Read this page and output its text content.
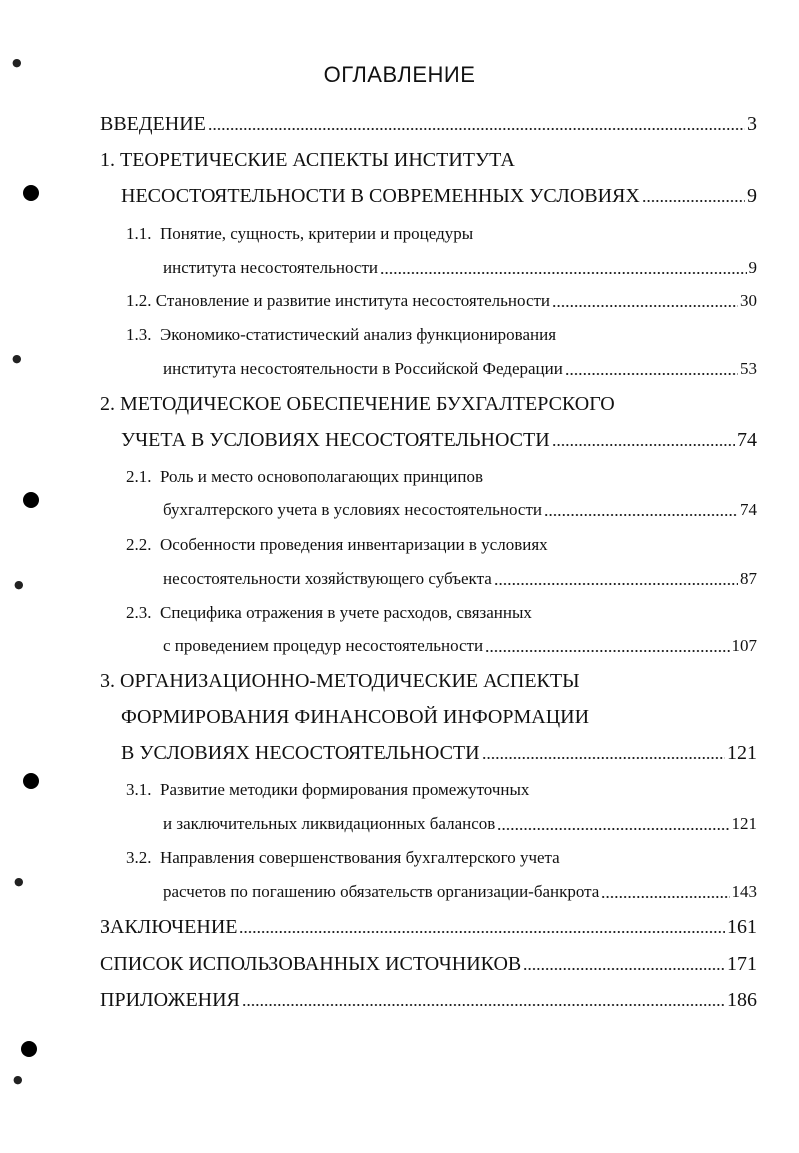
●
●
●
●
●
ОГЛАВЛЕНИЕ
ВВЕДЕНИЕ	3
1. ТЕОРЕТИЧЕСКИЕ АСПЕКТЫ ИНСТИТУТА
НЕСОСТОЯТЕЛЬНОСТИ В СОВРЕМЕННЫХ УСЛОВИЯХ	9
1.1. Понятие, сущность, критерии и процедуры
института несостоятельности	9
1.2.
Становление и развитие института несостоятельности	30
1.3. Экономико-статистический анализ функционирования
института несостоятельности в Российской Федерации	53
2. МЕТОДИЧЕСКОЕ ОБЕСПЕЧЕНИЕ БУХГАЛТЕРСКОГО
УЧЕТА В УСЛОВИЯХ НЕСОСТОЯТЕЛЬНОСТИ	74
2.1. Роль и место основополагающих принципов
бухгалтерского учета в условиях несостоятельности	74
2.2. Особенности проведения инвентаризации в условиях
несостоятельности хозяйствующего субъекта	87
2.3. Специфика отражения в учете расходов, связанных
с проведением процедур несостоятельности	107
3. ОРГАНИЗАЦИОННО-МЕТОДИЧЕСКИЕ АСПЕКТЫ
ФОРМИРОВАНИЯ ФИНАНСОВОЙ ИНФОРМАЦИИ
В УСЛОВИЯХ НЕСОСТОЯТЕЛЬНОСТИ	121
3.1. Развитие методики формирования промежуточных
и заключительных ликвидационных балансов	121
3.2. Направления совершенствования бухгалтерского учета
расчетов по погашению обязательств организации-банкрота	143
ЗАКЛЮЧЕНИЕ	161
СПИСОК ИСПОЛЬЗОВАННЫХ ИСТОЧНИКОВ	171
ПРИЛОЖЕНИЯ	186
